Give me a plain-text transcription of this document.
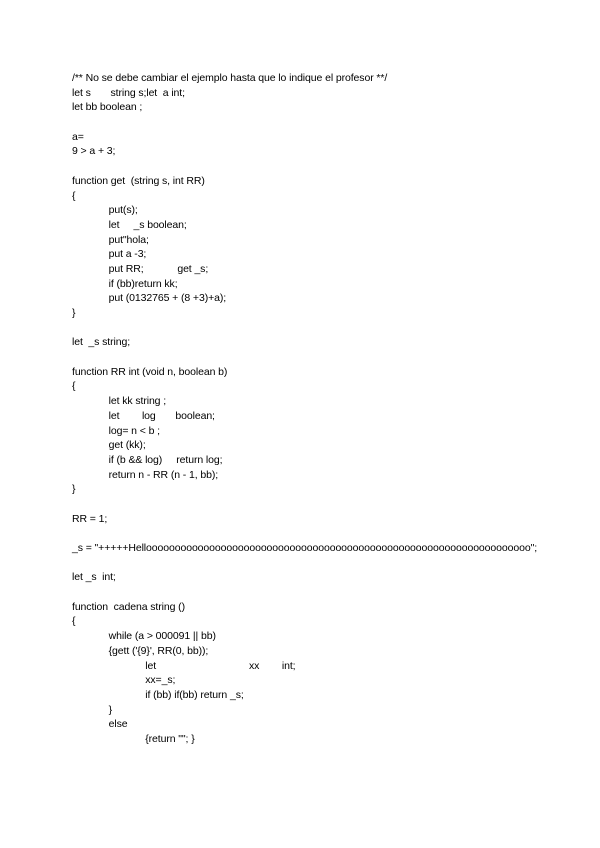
/** No se debe cambiar el ejemplo hasta que lo indique el profesor **/
let s       string s;let  a int;
let bb boolean ;
a=
9 > a + 3;
function get  (string s, int RR)
{
put(s);
let     _s boolean;
put"hola;
put a -3;
put RR;            get _s;
if (bb)return kk;
put (0132765 + (8 +3)+a);
}
let  _s string;
function RR int (void n, boolean b)
{
let kk string ;
let        log       boolean;
log= n < b ;
get (kk);
if (b && log)     return log;
return n - RR (n - 1, bb);
}
RR = 1;
_s = "+++++Hellooooooooooooooooooooooooooooooooooooooooooooooooooooooooooooooooooo";
let _s  int;
function  cadena string ()
{
while (a > 000091 || bb)
{gett ('{9}', RR(0, bb));
let                                 xx        int;
xx=_s;
if (bb) if(bb) return _s;
}
else
{return ""; }
